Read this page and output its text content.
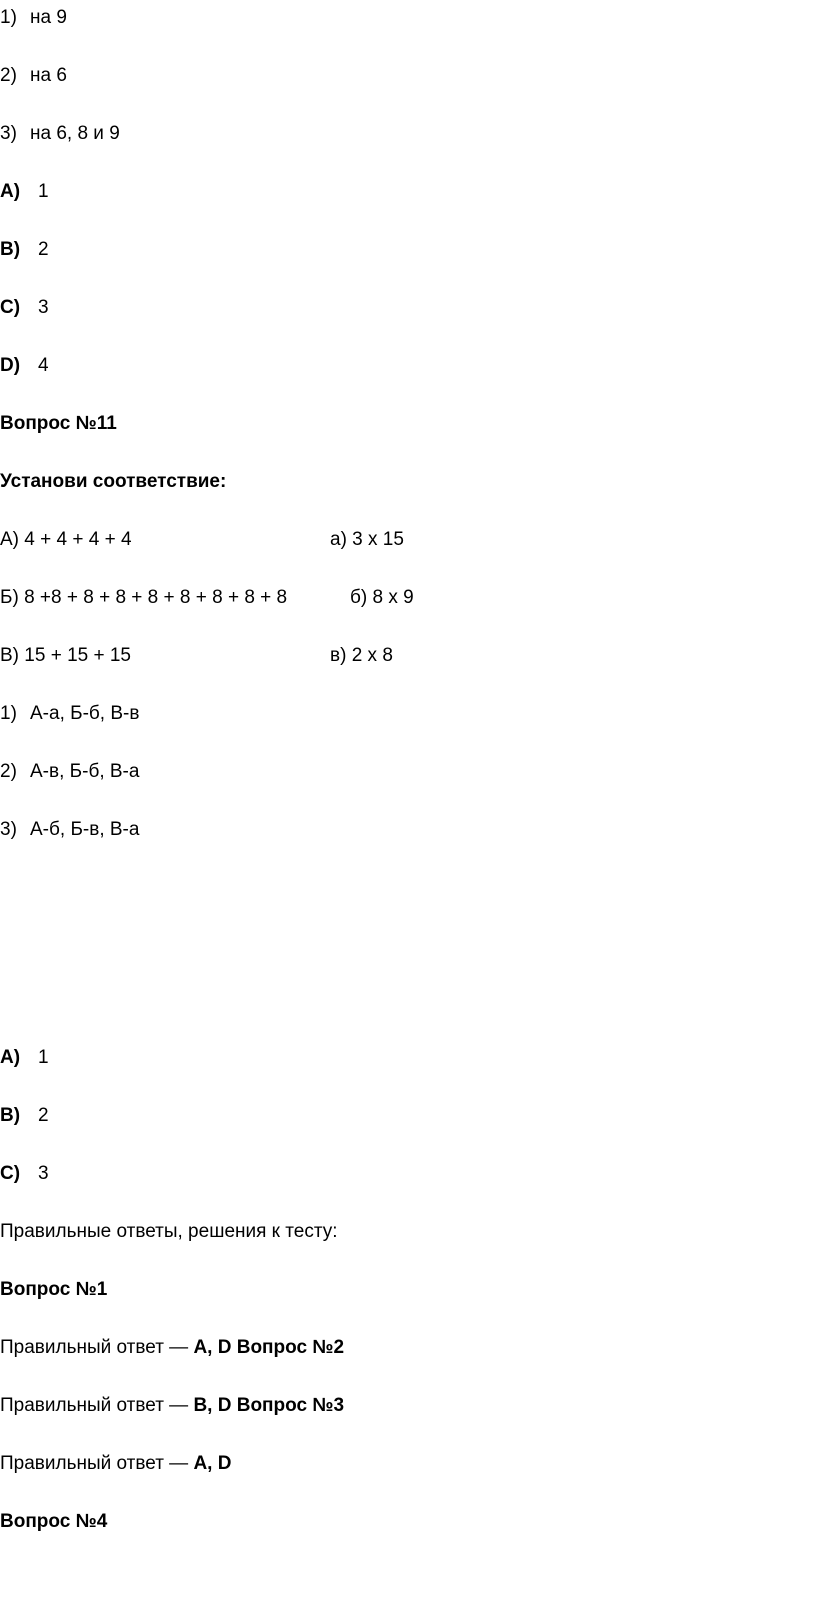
1) на 9
2) на 6
3) на 6, 8 и 9
A) 1
B) 2
C) 3
D) 4
Вопрос №11
Установи соответствие:
А) 4 + 4 + 4 + 4	а) 3 х 15
Б) 8 +8 + 8 + 8 + 8 + 8 + 8 + 8 + 8	б) 8 х 9
В) 15 + 15 + 15	в) 2 х 8
1) А-а, Б-б, В-в
2) А-в, Б-б, В-а
3) А-б, Б-в, В-а
A) 1
B) 2
C) 3
Правильные ответы, решения к тесту:
Вопрос №1
Правильный ответ — A, D Вопрос №2
Правильный ответ — B, D Вопрос №3
Правильный ответ — A, D
Вопрос №4
